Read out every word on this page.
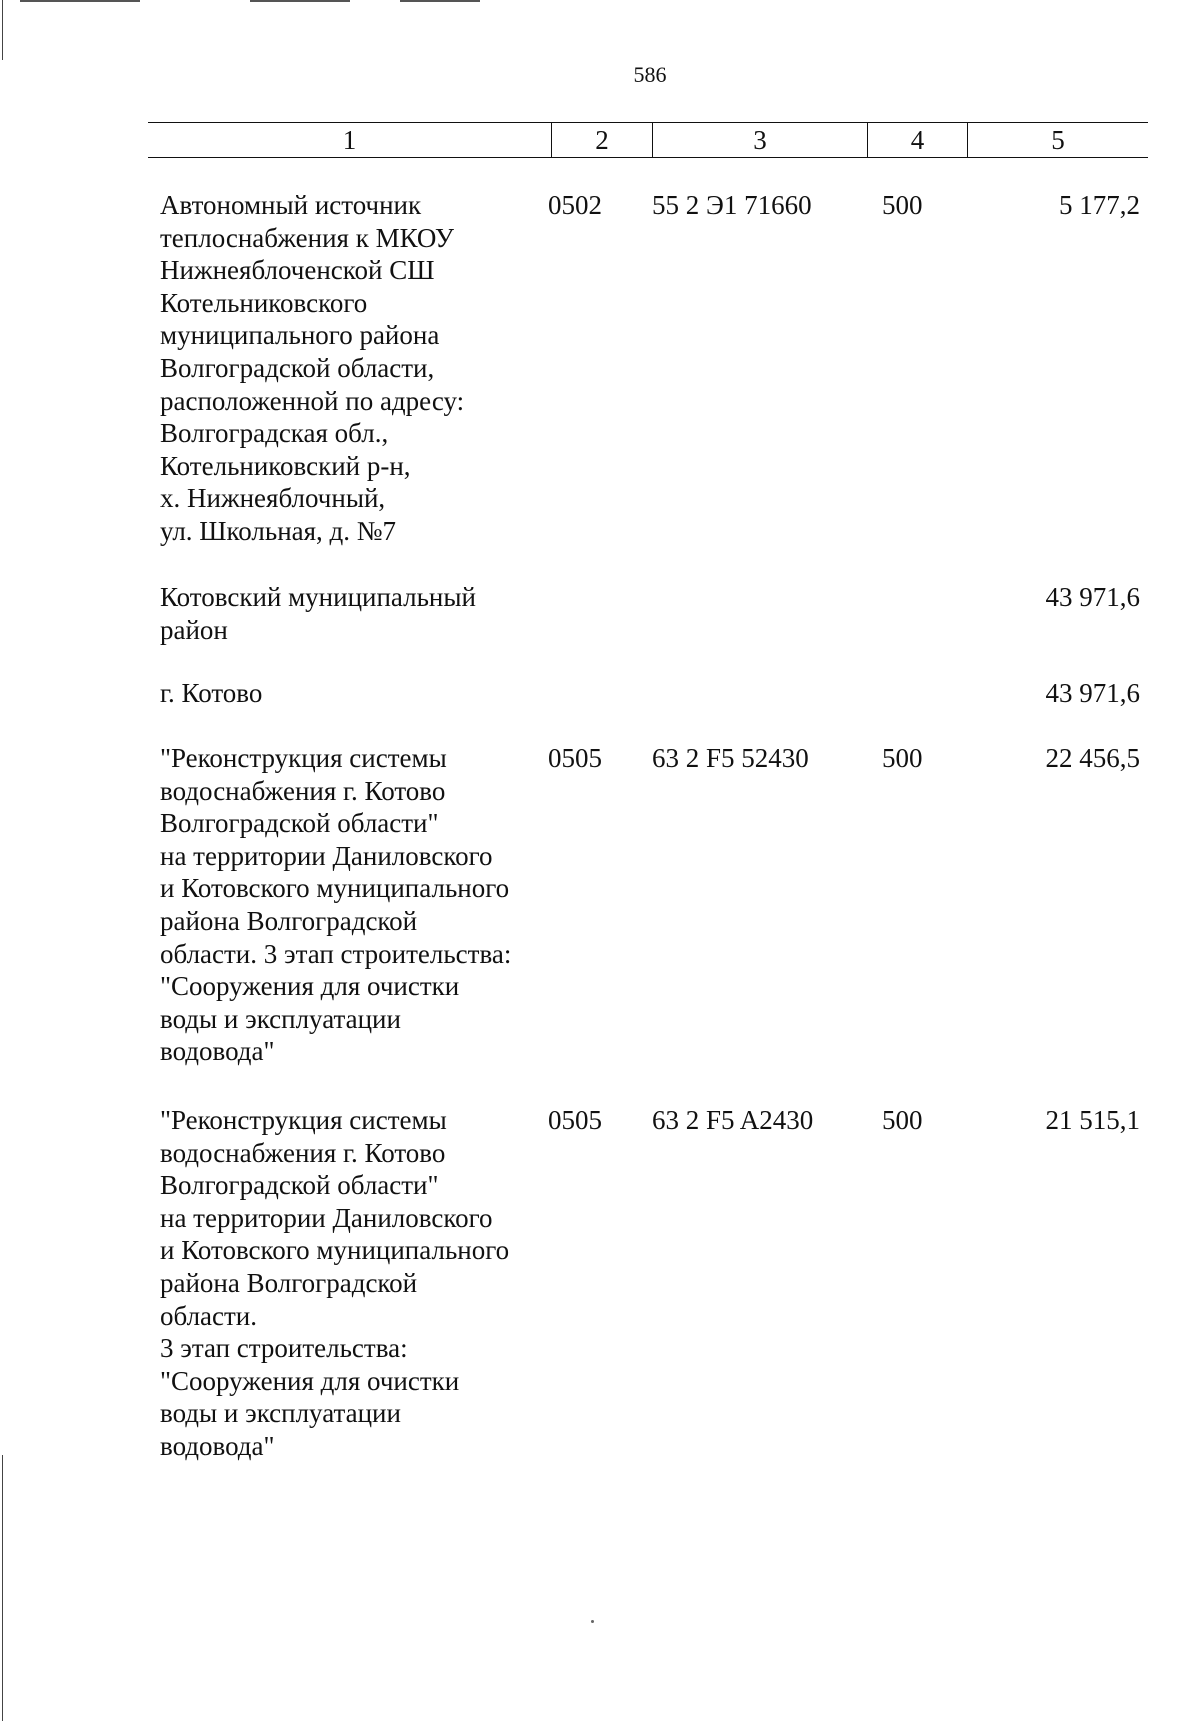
586
1	2	3	4	5
Автономный источник
теплоснабжения к МКОУ
Нижнеяблоченской СШ
Котельниковского
муниципального района
Волгоградской области,
расположенной по адресу:
Волгоградская обл.,
Котельниковский р-н,
х. Нижнеяблочный,
ул. Школьная, д. №7
0502	55 2 Э1 71660	500	5 177,2
Котовский муниципальный
район
43 971,6
г. Котово	43 971,6
"Реконструкция системы
водоснабжения г. Котово
Волгоградской области"
на территории Даниловского
и Котовского муниципального
района Волгоградской
области. 3 этап строительства:
"Сооружения для очистки
воды и эксплуатации
водовода"
0505	63 2 F5 52430	500	22 456,5
"Реконструкция системы
водоснабжения г. Котово
Волгоградской области"
на территории Даниловского
и Котовского муниципального
района Волгоградской
области.
3 этап строительства:
"Сооружения для очистки
воды и эксплуатации
водовода"
0505	63 2 F5 A2430	500	21 515,1
